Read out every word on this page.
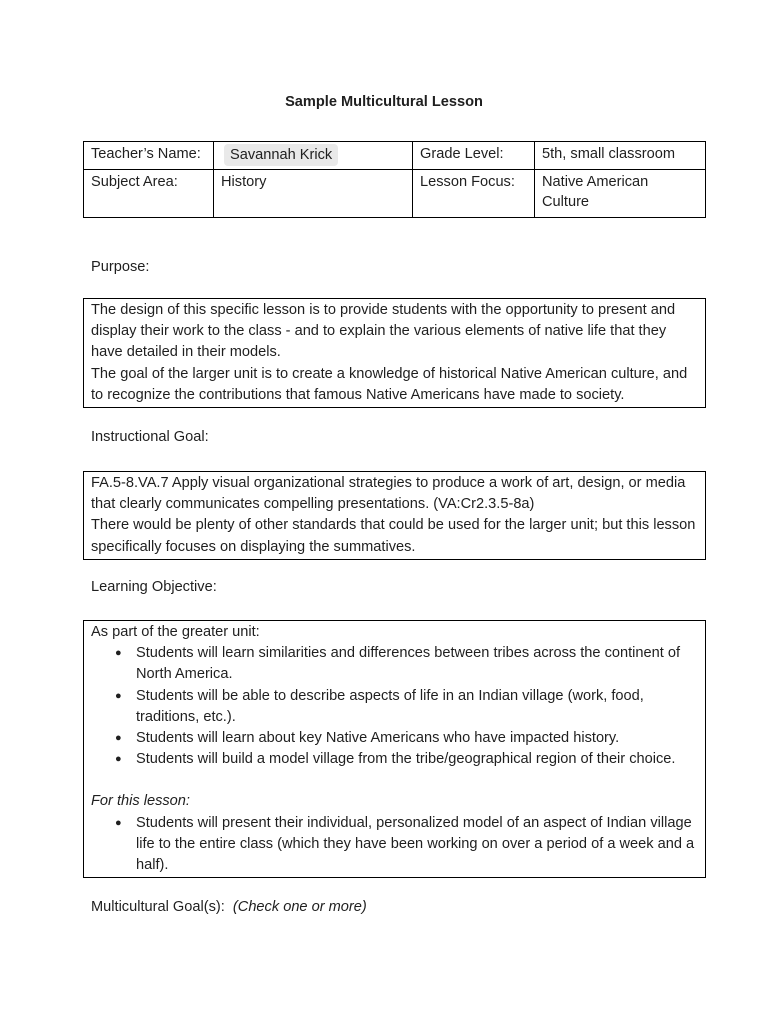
Sample Multicultural Lesson
Teacher’s Name:	Savannah Krick	Grade Level:	5th, small classroom
Subject Area:	History	Lesson Focus:	Native American Culture
Purpose:

The design of this specific lesson is to provide students with the opportunity to present and display their work to the class - and to explain the various elements of native life that they have detailed in their models.

The goal of the larger unit is to create a knowledge of historical Native American culture, and to recognize the contributions that famous Native Americans have made to society.

Instructional Goal:

FA.5-8.VA.7 Apply visual organizational strategies to produce a work of art, design, or media that clearly communicates compelling presentations. (VA:Cr2.3.5-8a)

There would be plenty of other standards that could be used for the larger unit; but this lesson specifically focuses on displaying the summatives.

Learning Objective:

As part of the greater unit:

● Students will learn similarities and differences between tribes across the continent of North America.
● Students will be able to describe aspects of life in an Indian village (work, food, traditions, etc.).
● Students will learn about key Native Americans who have impacted history.
● Students will build a model village from the tribe/geographical region of their choice.

For this lesson:

● Students will present their individual, personalized model of an aspect of Indian village life to the entire class (which they have been working on over a period of a week and a half).
Multicultural Goal(s): (Check one or more)
